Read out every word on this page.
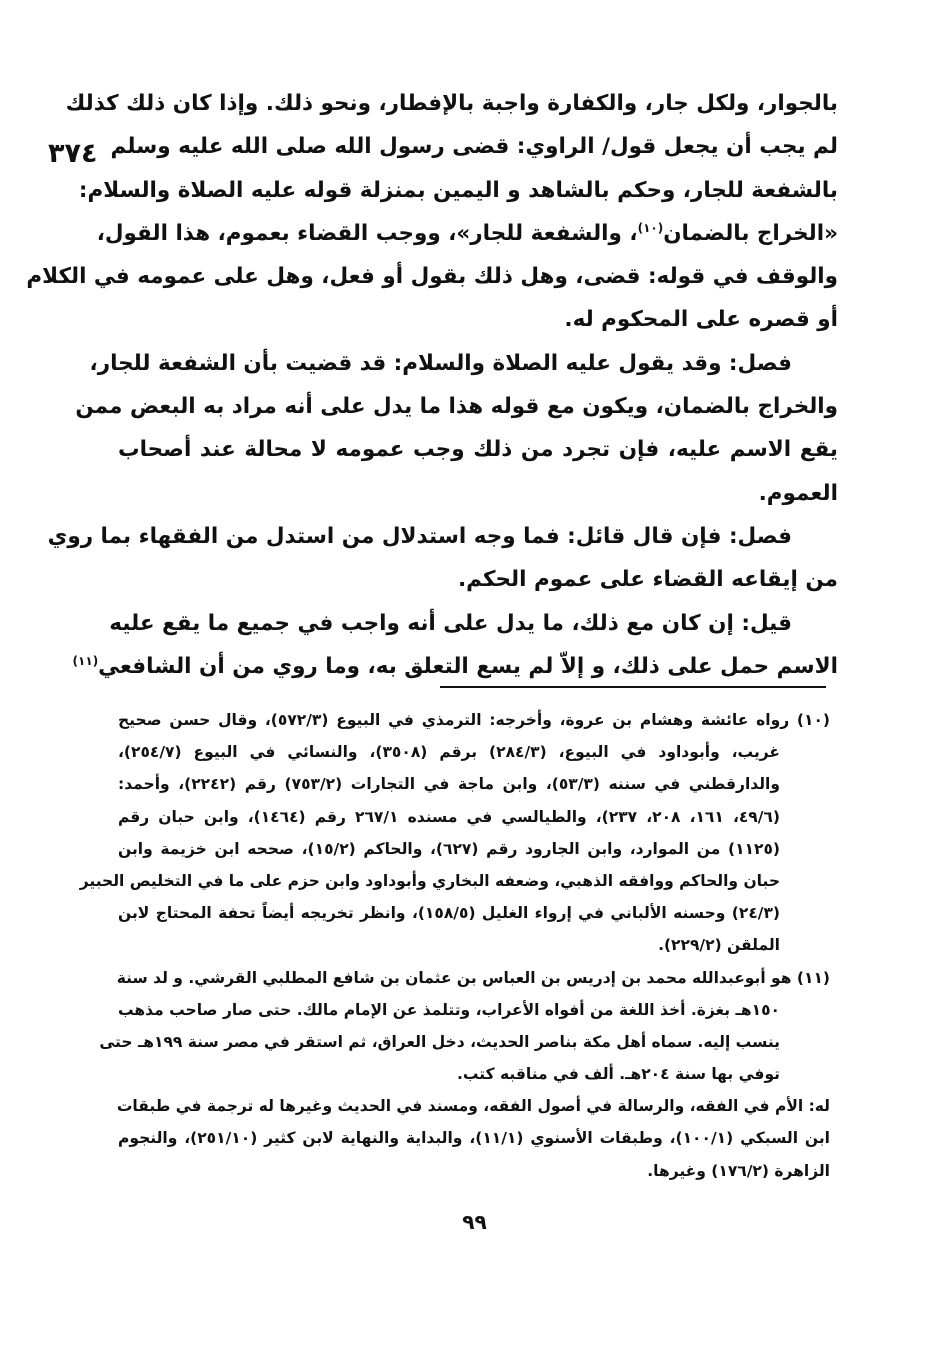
٣٧٤
بالجوار، ولكل جار، والكفارة واجبة بالإفطار، ونحو ذلك. وإذا كان ذلك كذلك
لم يجب أن يجعل قول/ الراوي: قضى رسول الله صلى الله عليه وسلم
بالشفعة للجار، وحكم بالشاهد و اليمين بمنزلة قوله عليه الصلاة والسلام:
«الخراج بالضمان$^{(١٠)}$، والشفعة للجار»، ووجب القضاء بعموم، هذا القول،
والوقف في قوله: قضى، وهل ذلك بقول أو فعل، وهل على عمومه في الكلام
أو قصره على المحكوم له.
فصل: وقد يقول عليه الصلاة والسلام: قد قضيت بأن الشفعة للجار،
والخراج بالضمان، ويكون مع قوله هذا ما يدل على أنه مراد به البعض ممن
يقع الاسم عليه، فإن تجرد من ذلك وجب عمومه لا محالة عند أصحاب
العموم.
فصل: فإن قال قائل: فما وجه استدلال من استدل من الفقهاء بما روي
من إيقاعه القضاء على عموم الحكم.
قيل: إن كان مع ذلك، ما يدل على أنه واجب في جميع ما يقع عليه
الاسم حمل على ذلك، و إلاّ لم يسع التعلق به، وما روي من أن الشافعي$^{(١١)}$
(١٠) رواه عائشة وهشام بن عروة، وأخرجه: الترمذي في البيوع (٥٧٢/٣)، وقال حسن صحيح
غريب، وأبوداود في البيوع، (٢٨٤/٣) برقم (٣٥٠٨)، والنسائي في البيوع (٢٥٤/٧)،
والدارقطني في سننه (٥٣/٣)، وابن ماجة في التجارات (٧٥٣/٢) رقم (٢٢٤٢)، وأحمد:
(٤٩/٦، ١٦١، ٢٠٨، ٢٣٧)، والطيالسي في مسنده ٢٦٧/١ رقم (١٤٦٤)، وابن حبان رقم
(١١٢٥) من الموارد، وابن الجارود رقم (٦٢٧)، والحاكم (١٥/٢)، صححه ابن خزيمة وابن
حبان والحاكم ووافقه الذهبي، وضعفه البخاري وأبوداود وابن حزم على ما في التخليص الحبير
(٢٤/٣) وحسنه الألباني في إرواء الغليل (١٥٨/٥)، وانظر تخريجه أيضاً تحفة المحتاج لابن
الملقن (٢٢٩/٢).
(١١) هو أبوعبدالله محمد بن إدريس بن العباس بن عثمان بن شافع المطلبي القرشي. و لد سنة
١٥٠هـ بغزة. أخذ اللغة من أفواه الأعراب، وتتلمذ عن الإمام مالك. حتى صار صاحب مذهب
ينسب إليه. سماه أهل مكة بناصر الحديث، دخل العراق، ثم استقر في مصر سنة ١٩٩هـ حتى
توفي بها سنة ٢٠٤هـ. ألف في مناقبه كتب.
له: الأم في الفقه، والرسالة في أصول الفقه، ومسند في الحديث وغيرها له ترجمة في طبقات
ابن السبكي (١٠٠/١)، وطبقات الأسنوي (١١/١)، والبداية والنهاية لابن كثير (٢٥١/١٠)، والنجوم
الزاهرة (١٧٦/٢) وغيرها.
٩٩
